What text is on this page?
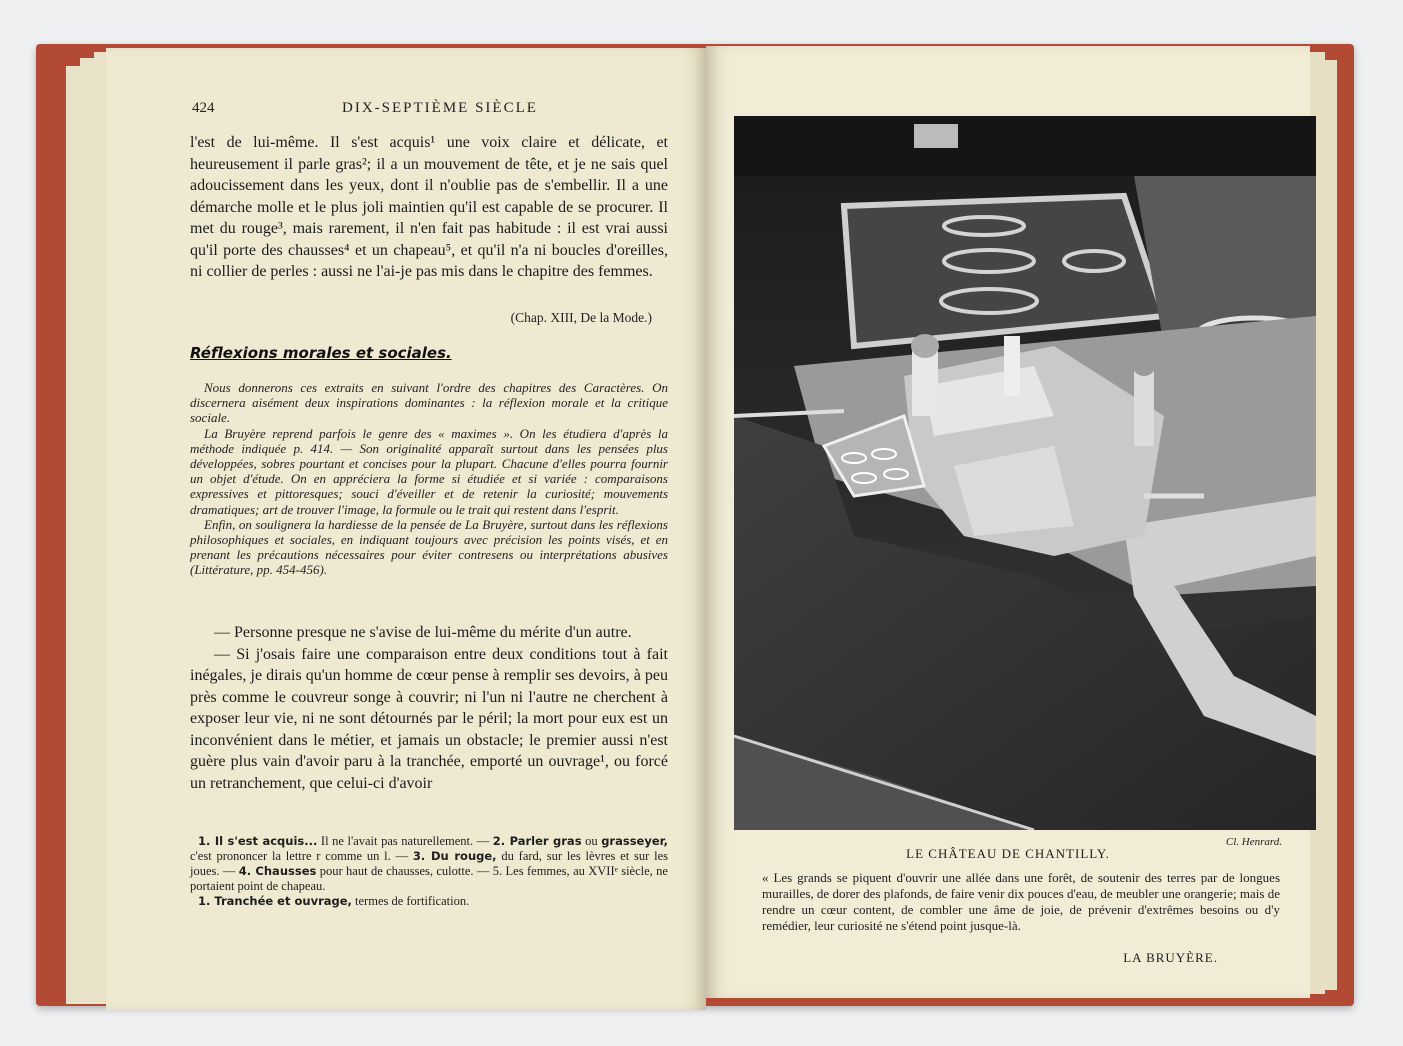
424	DIX-SEPTIÈME SIÈCLE

l'est de lui-même. Il s'est acquis¹ une voix claire et délicate, et heureusement il parle gras²; il a un mouvement de tête, et je ne sais quel adoucissement dans les yeux, dont il n'oublie pas de s'embellir. Il a une démarche molle et le plus joli maintien qu'il est capable de se procurer. Il met du rouge³, mais rarement, il n'en fait pas habitude : il est vrai aussi qu'il porte des chausses⁴ et un chapeau⁵, et qu'il n'a ni boucles d'oreilles, ni collier de perles : aussi ne l'ai-je pas mis dans le chapitre des femmes.

(Chap. XIII, De la Mode.)
Réflexions morales et sociales.

Nous donnerons ces extraits en suivant l'ordre des chapitres des Caractères. On discernera aisément deux inspirations dominantes : la réflexion morale et la critique sociale.

La Bruyère reprend parfois le genre des « maximes ». On les étudiera d'après la méthode indiquée p. 414. — Son originalité apparaît surtout dans les pensées plus développées, sobres pourtant et concises pour la plupart. Chacune d'elles pourra fournir un objet d'étude. On en appréciera la forme si étudiée et si variée : comparaisons expressives et pittoresques; souci d'éveiller et de retenir la curiosité; mouvements dramatiques; art de trouver l'image, la formule ou le trait qui restent dans l'esprit.

Enfin, on soulignera la hardiesse de la pensée de La Bruyère, surtout dans les réflexions philosophiques et sociales, en indiquant toujours avec précision les points visés, et en prenant les précautions nécessaires pour éviter contresens ou interprétations abusives (Littérature, pp. 454-456).

— Personne presque ne s'avise de lui-même du mérite d'un autre.

— Si j'osais faire une comparaison entre deux conditions tout à fait inégales, je dirais qu'un homme de cœur pense à remplir ses devoirs, à peu près comme le couvreur songe à couvrir; ni l'un ni l'autre ne cherchent à exposer leur vie, ni ne sont détournés par le péril; la mort pour eux est un inconvénient dans le métier, et jamais un obstacle; le premier aussi n'est guère plus vain d'avoir paru à la tranchée, emporté un ouvrage¹, ou forcé un retranchement, que celui-ci d'avoir

1. Il s'est acquis... Il ne l'avait pas naturellement. — 2. Parler gras ou grasseyer, c'est prononcer la lettre r comme un l. — 3. Du rouge, du fard, sur les lèvres et sur les joues. — 4. Chausses pour haut de chausses, culotte. — 5. Les femmes, au XVIIᵉ siècle, ne portaient point de chapeau.

1. Tranchée et ouvrage, termes de fortification.

Cl. Henrard.
LE CHÂTEAU DE CHANTILLY.

« Les grands se piquent d'ouvrir une allée dans une forêt, de soutenir des terres par de longues murailles, de dorer des plafonds, de faire venir dix pouces d'eau, de meubler une orangerie; mais de rendre un cœur content, de combler une âme de joie, de prévenir d'extrêmes besoins ou d'y remédier, leur curiosité ne s'étend point jusque-là.

LA BRUYÈRE.
